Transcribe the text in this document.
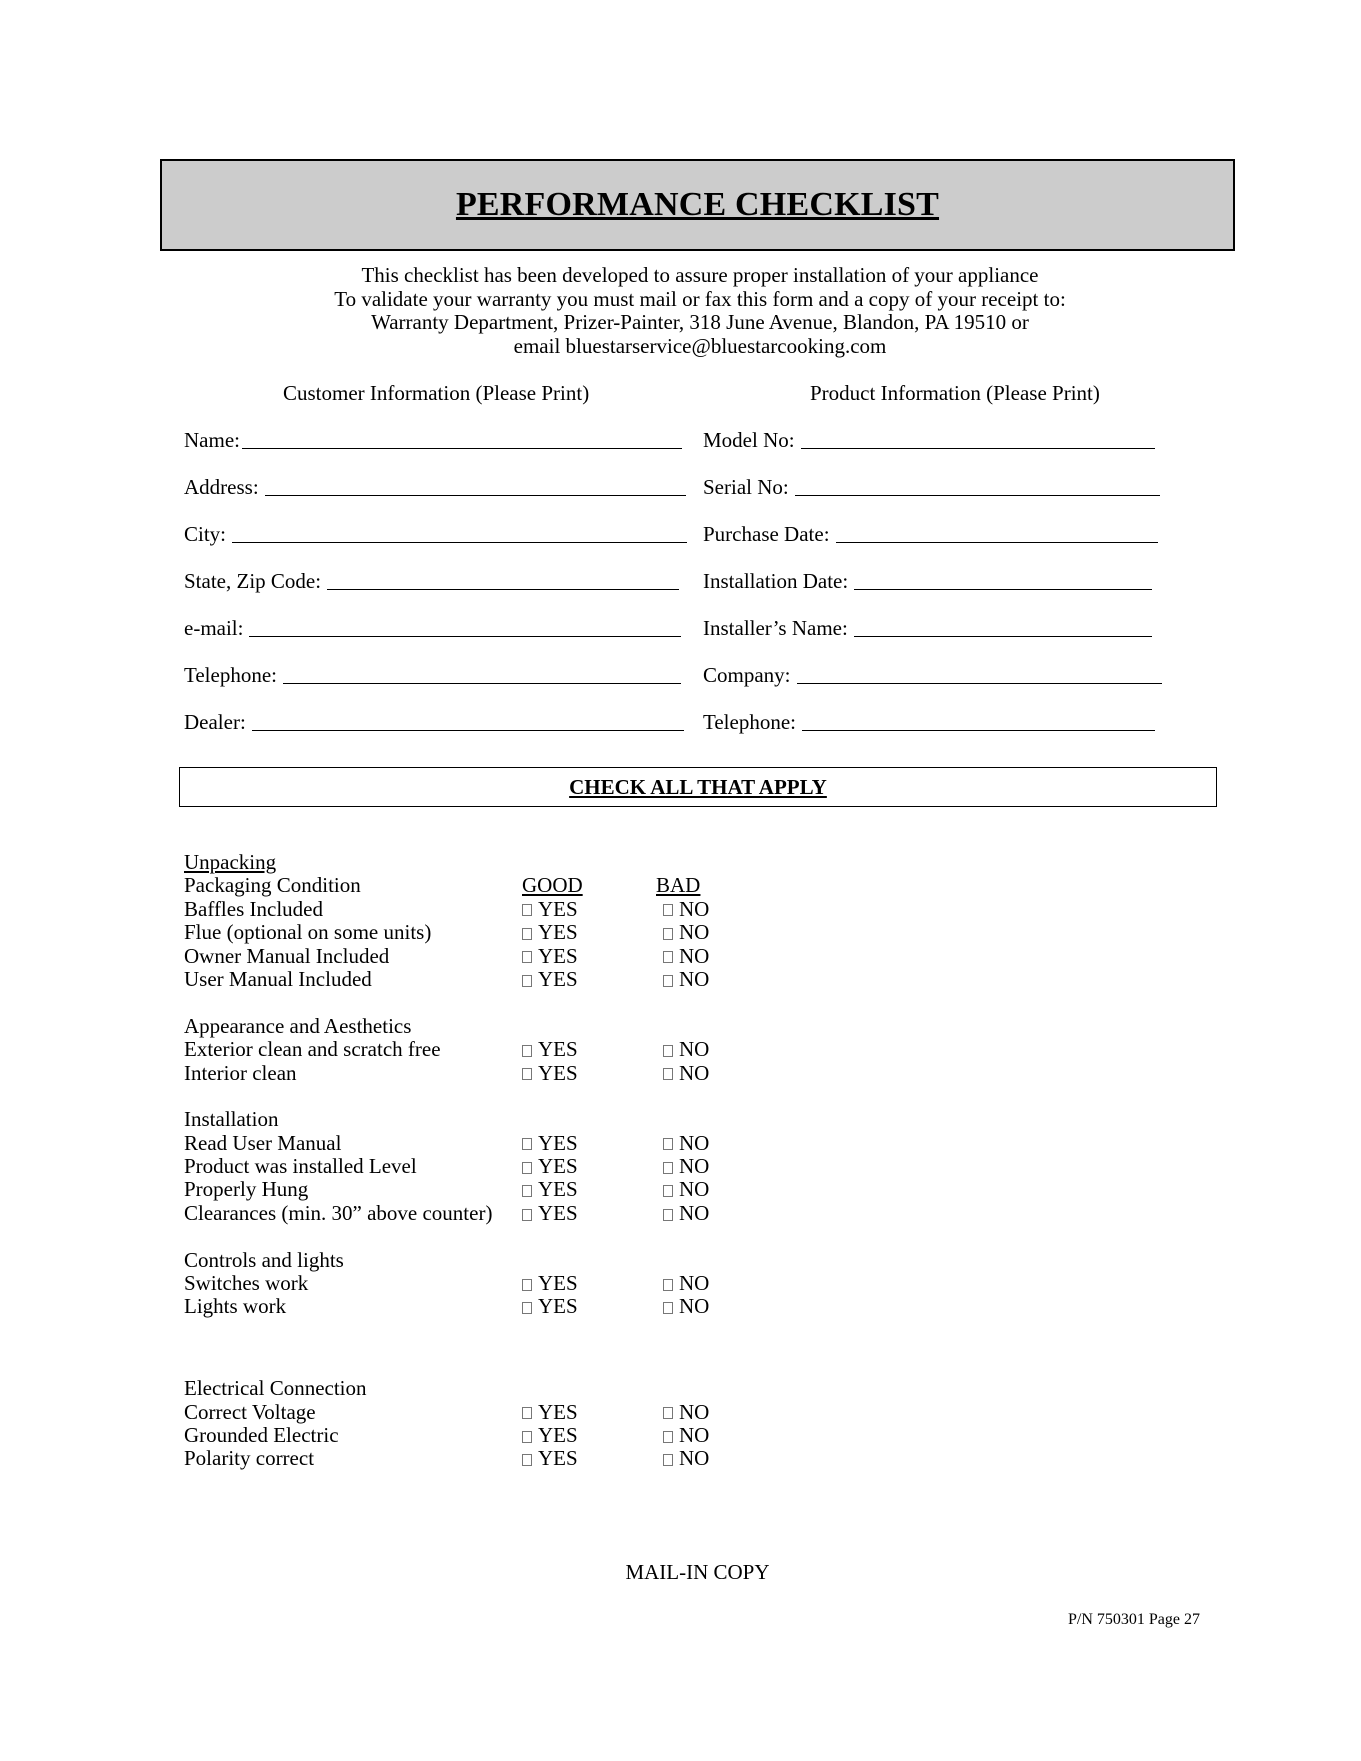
PERFORMANCE CHECKLIST
This checklist has been developed to assure proper installation of your appliance
To validate your warranty you must mail or fax this form and a copy of your receipt to:
Warranty Department, Prizer-Painter, 318 June Avenue, Blandon, PA 19510 or
email bluestarservice@bluestarcooking.com
Customer Information (Please Print)	Product Information (Please Print)
Name:
Address:
City:
State, Zip Code:
e-mail:
Telephone:
Dealer:
Model No:
Serial No:
Purchase Date:
Installation Date:
Installer’s Name:
Company:
Telephone:
CHECK ALL THAT APPLY
Unpacking
Packaging Condition	GOOD	BAD
Baffles Included	YES	NO
Flue (optional on some units)	YES	NO
Owner Manual Included	YES	NO
User Manual Included	YES	NO
Appearance and Aesthetics
Exterior clean and scratch free	YES	NO
Interior clean	YES	NO
Installation
Read User Manual	YES	NO
Product was installed Level	YES	NO
Properly Hung	YES	NO
Clearances (min. 30” above counter) YES	NO
Controls and lights
Switches work	YES	NO
Lights work	YES	NO
Electrical Connection
Correct Voltage	YES	NO
Grounded Electric	YES	NO
Polarity correct	YES	NO
MAIL-IN COPY
P/N 750301 Page 27
